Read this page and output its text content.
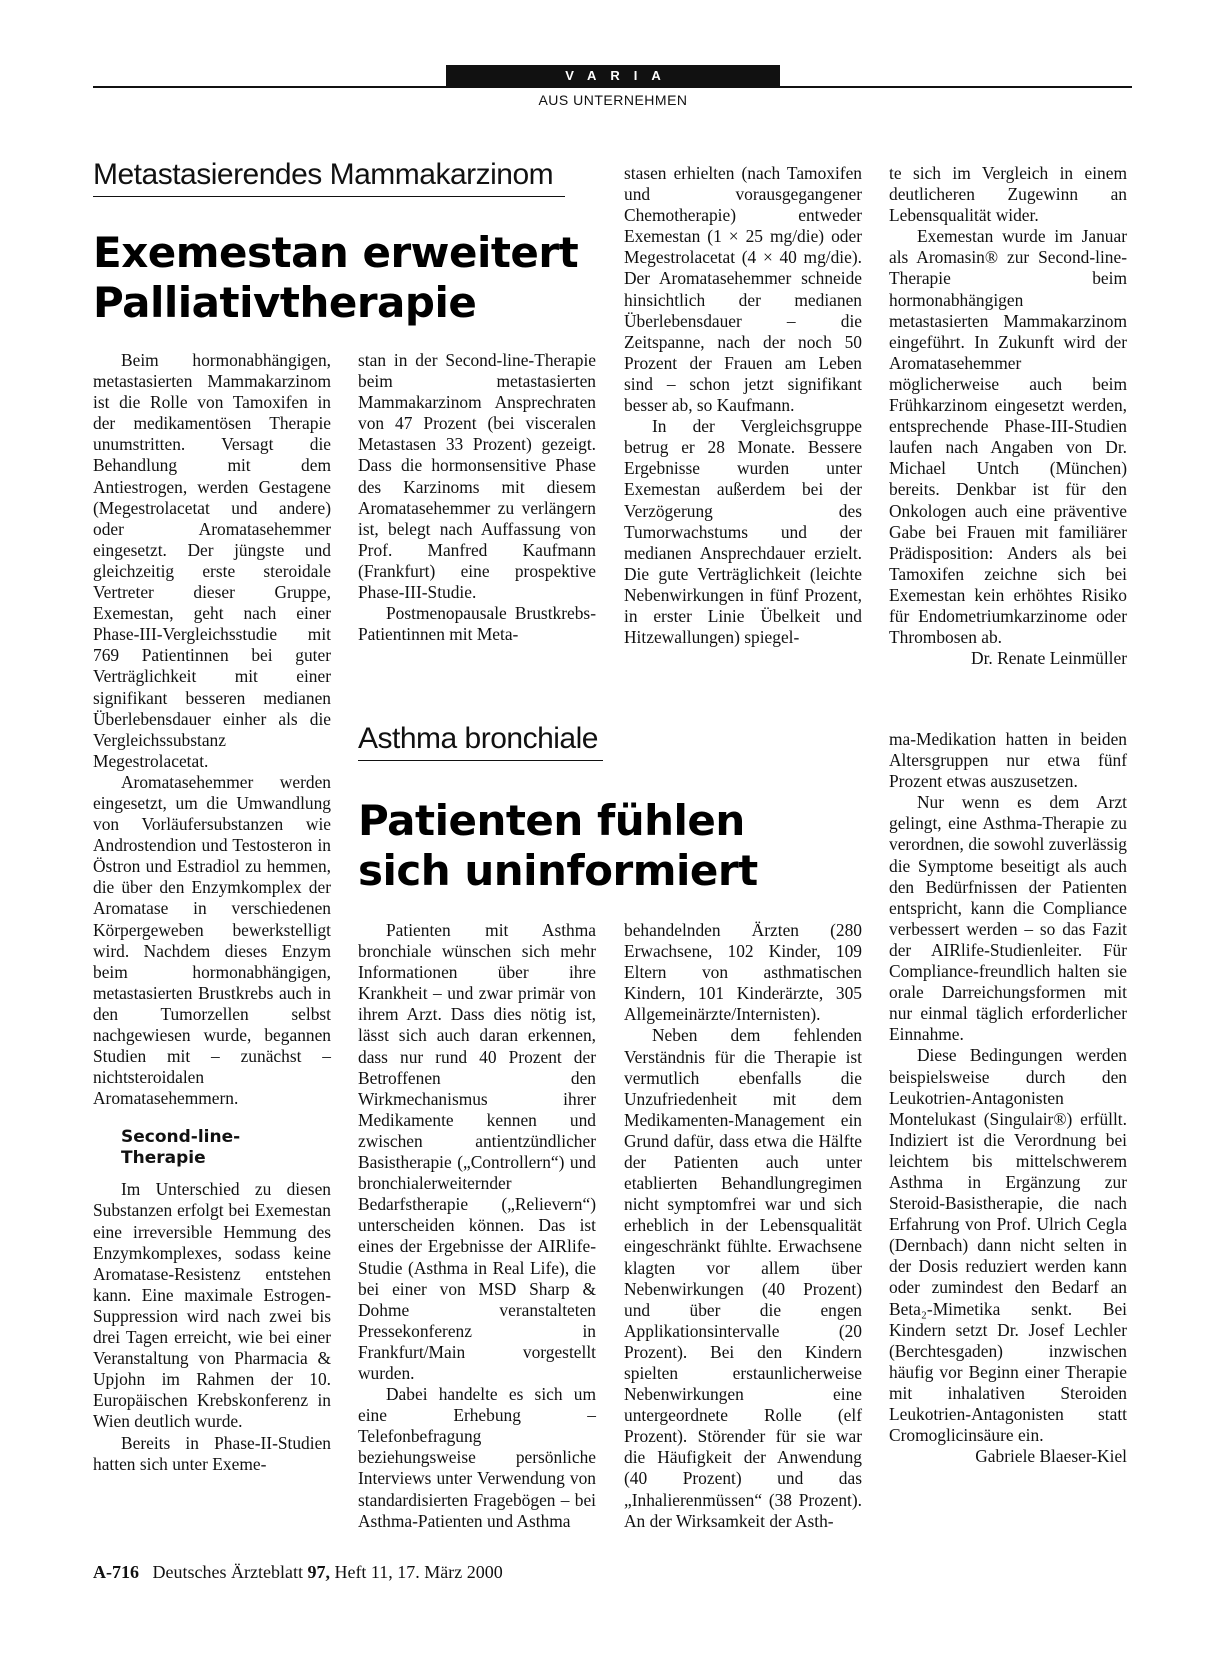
VARIA
AUS UNTERNEHMEN
Metastasierendes Mammakarzinom
Exemestan erweitert
Palliativtherapie

Beim hormonabhängigen, metastasierten Mammakarzinom ist die Rolle von Tamoxifen in der medikamentösen Therapie unumstritten. Versagt die Behandlung mit dem Antiestrogen, werden Gestagene (Megestrolacetat und andere) oder Aromatasehemmer eingesetzt. Der jüngste und gleichzeitig erste steroidale Vertreter dieser Gruppe, Exemestan, geht nach einer Phase-III-Vergleichsstudie mit 769 Patientinnen bei guter Verträglichkeit mit einer signifikant besseren medianen Überlebensdauer einher als die Vergleichssubstanz Megestrolacetat.

Aromatasehemmer werden eingesetzt, um die Umwandlung von Vorläufersubstanzen wie Androstendion und Testosteron in Östron und Estradiol zu hemmen, die über den Enzymkomplex der Aromatase in verschiedenen Körpergeweben bewerkstelligt wird. Nachdem dieses Enzym beim hormonabhängigen, metastasierten Brustkrebs auch in den Tumorzellen selbst nachgewiesen wurde, begannen Studien mit – zunächst – nichtsteroidalen Aromatasehemmern.

Second-line-
Therapie

Im Unterschied zu diesen Substanzen erfolgt bei Exemestan eine irreversible Hemmung des Enzymkomplexes, sodass keine Aromatase-Resistenz entstehen kann. Eine maximale Estrogen-Suppression wird nach zwei bis drei Tagen erreicht, wie bei einer Veranstaltung von Pharmacia & Upjohn im Rahmen der 10. Europäischen Krebskonferenz in Wien deutlich wurde.

Bereits in Phase-II-Studien hatten sich unter Exeme-

stan in der Second-line-Therapie beim metastasierten Mammakarzinom Ansprechraten von 47 Prozent (bei visceralen Metastasen 33 Prozent) gezeigt. Dass die hormonsensitive Phase des Karzinoms mit diesem Aromatasehemmer zu verlängern ist, belegt nach Auffassung von Prof. Manfred Kaufmann (Frankfurt) eine prospektive Phase-III-Studie.

Postmenopausale Brustkrebs-Patientinnen mit Meta-

stasen erhielten (nach Tamoxifen und vorausgegangener Chemotherapie) entweder Exemestan (1 × 25 mg/die) oder Megestrolacetat (4 × 40 mg/die). Der Aromatasehemmer schneide hinsichtlich der medianen Überlebensdauer – die Zeitspanne, nach der noch 50 Prozent der Frauen am Leben sind – schon jetzt signifikant besser ab, so Kaufmann.

In der Vergleichsgruppe betrug er 28 Monate. Bessere Ergebnisse wurden unter Exemestan außerdem bei der Verzögerung des Tumorwachstums und der medianen Ansprechdauer erzielt. Die gute Verträglichkeit (leichte Nebenwirkungen in fünf Prozent, in erster Linie Übelkeit und Hitzewallungen) spiegel-

te sich im Vergleich in einem deutlicheren Zugewinn an Lebensqualität wider.

Exemestan wurde im Januar als Aromasin® zur Second-line-Therapie beim hormonabhängigen metastasierten Mammakarzinom eingeführt. In Zukunft wird der Aromatasehemmer möglicherweise auch beim Frühkarzinom eingesetzt werden, entsprechende Phase-III-Studien laufen nach Angaben von Dr. Michael Untch (München) bereits. Denkbar ist für den Onkologen auch eine präventive Gabe bei Frauen mit familiärer Prädisposition: Anders als bei Tamoxifen zeichne sich bei Exemestan kein erhöhtes Risiko für Endometriumkarzinome oder Thrombosen ab.

Dr. Renate Leinmüller

Asthma bronchiale
Patienten fühlen
sich uninformiert

Patienten mit Asthma bronchiale wünschen sich mehr Informationen über ihre Krankheit – und zwar primär von ihrem Arzt. Dass dies nötig ist, lässt sich auch daran erkennen, dass nur rund 40 Prozent der Betroffenen den Wirkmechanismus ihrer Medikamente kennen und zwischen antientzündlicher Basistherapie („Controllern“) und bronchialerweiternder Bedarfstherapie („Relievern“) unterscheiden können. Das ist eines der Ergebnisse der AIRlife-Studie (Asthma in Real Life), die bei einer von MSD Sharp & Dohme veranstalteten Pressekonferenz in Frankfurt/Main vorgestellt wurden.

Dabei handelte es sich um eine Erhebung – Telefonbefragung beziehungsweise persönliche Interviews unter Verwendung von standardisierten Fragebögen – bei Asthma-Patienten und Asthma

behandelnden Ärzten (280 Erwachsene, 102 Kinder, 109 Eltern von asthmatischen Kindern, 101 Kinderärzte, 305 Allgemeinärzte/Internisten).

Neben dem fehlenden Verständnis für die Therapie ist vermutlich ebenfalls die Unzufriedenheit mit dem Medikamenten-Management ein Grund dafür, dass etwa die Hälfte der Patienten auch unter etablierten Behandlungregimen nicht symptomfrei war und sich erheblich in der Lebensqualität eingeschränkt fühlte. Erwachsene klagten vor allem über Nebenwirkungen (40 Prozent) und über die engen Applikationsintervalle (20 Prozent). Bei den Kindern spielten erstaunlicherweise Nebenwirkungen eine untergeordnete Rolle (elf Prozent). Störender für sie war die Häufigkeit der Anwendung (40 Prozent) und das „Inhalierenmüssen“ (38 Prozent). An der Wirksamkeit der Asth-

ma-Medikation hatten in beiden Altersgruppen nur etwa fünf Prozent etwas auszusetzen.

Nur wenn es dem Arzt gelingt, eine Asthma-Therapie zu verordnen, die sowohl zuverlässig die Symptome beseitigt als auch den Bedürfnissen der Patienten entspricht, kann die Compliance verbessert werden – so das Fazit der AIRlife-Studienleiter. Für Compliance-freundlich halten sie orale Darreichungsformen mit nur einmal täglich erforderlicher Einnahme.

Diese Bedingungen werden beispielsweise durch den Leukotrien-Antagonisten Montelukast (Singulair®) erfüllt. Indiziert ist die Verordnung bei leichtem bis mittelschwerem Asthma in Ergänzung zur Steroid-Basistherapie, die nach Erfahrung von Prof. Ulrich Cegla (Dernbach) dann nicht selten in der Dosis reduziert werden kann oder zumindest den Bedarf an Beta₂-Mimetika senkt. Bei Kindern setzt Dr. Josef Lechler (Berchtesgaden) inzwischen häufig vor Beginn einer Therapie mit inhalativen Steroiden Leukotrien-Antagonisten statt Cromoglicinsäure ein.

Gabriele Blaeser-Kiel

A-716 Deutsches Ärzteblatt 97, Heft 11, 17. März 2000
